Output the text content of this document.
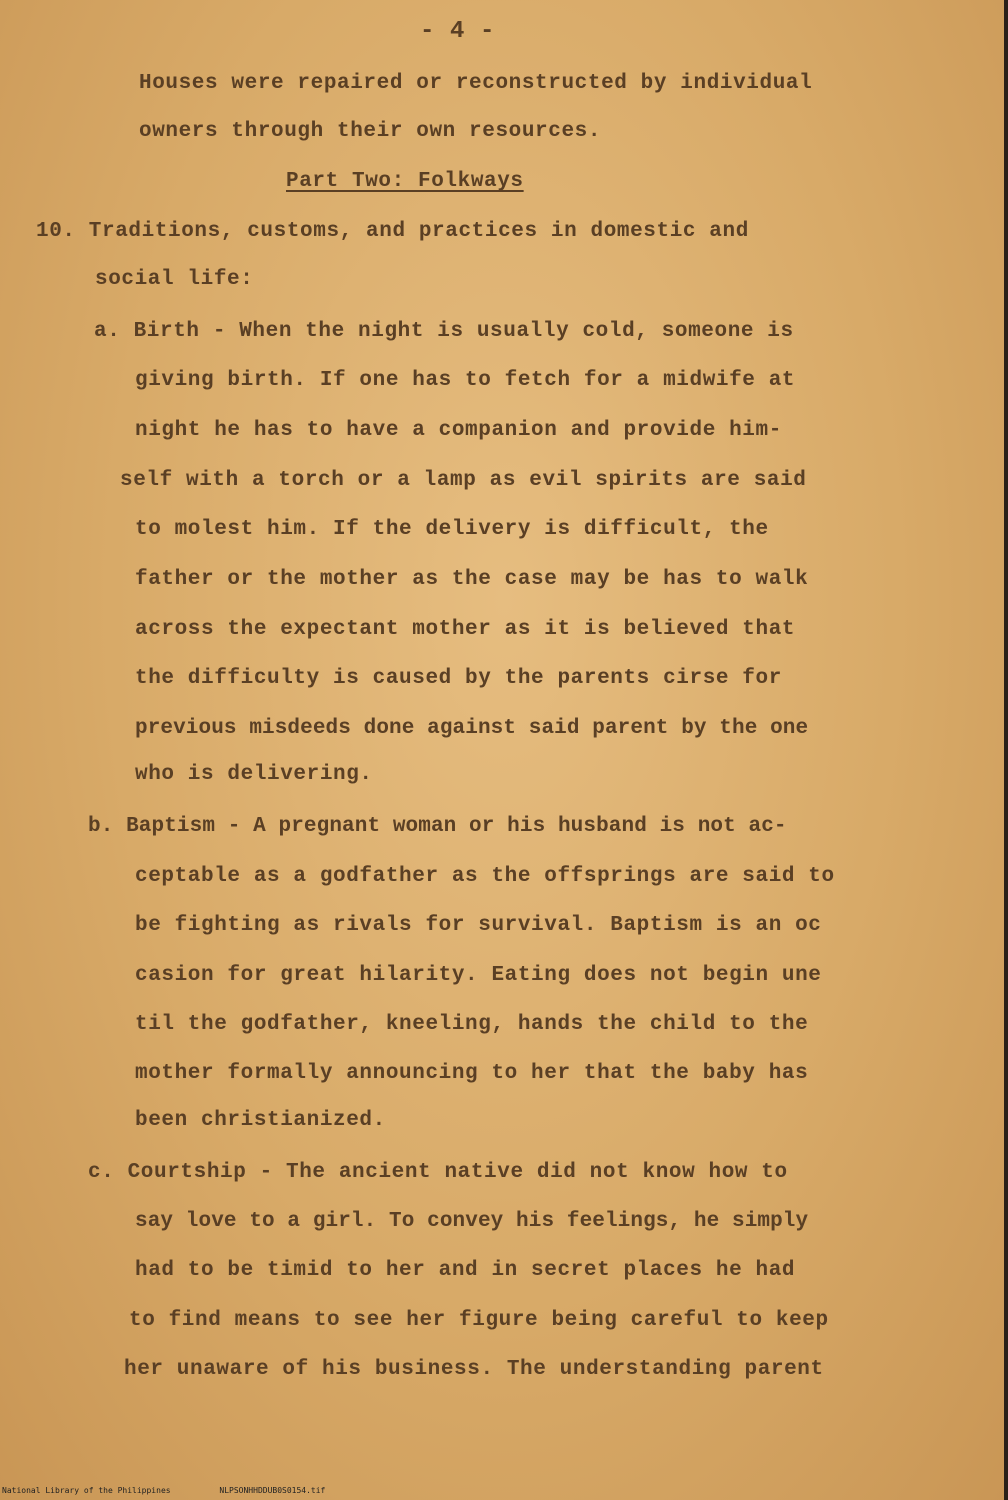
- 4 -
Houses were repaired or reconstructed by individual
owners through their own resources.
Part Two: Folkways
10. Traditions, customs, and practices in domestic and
social life:
a. Birth - When the night is usually cold, someone is
giving birth. If one has to fetch for a midwife at
night he has to have a companion and provide him-
self with a torch or a lamp as evil spirits are said
to molest him. If the delivery is difficult, the
father or the mother as the case may be has to walk
across the expectant mother as it is believed that
the difficulty is caused by the parents cirse for
previous misdeeds done against said parent by the one
who is delivering.
b. Baptism - A pregnant woman or his husband is not ac-
ceptable as a godfather as the offsprings are said to
be fighting as rivals for survival. Baptism is an oc
casion for great hilarity. Eating does not begin une
til the godfather, kneeling, hands the child to the
mother formally announcing to her that the baby has
been christianized.
c. Courtship - The ancient native did not know how to
say love to a girl. To convey his feelings, he simply
had to be timid to her and in secret places he had
to find means to see her figure being careful to keep
her unaware of his business. The understanding parent
National Library of the Philippines	NLPSONHHDDUB0S0154.tif
